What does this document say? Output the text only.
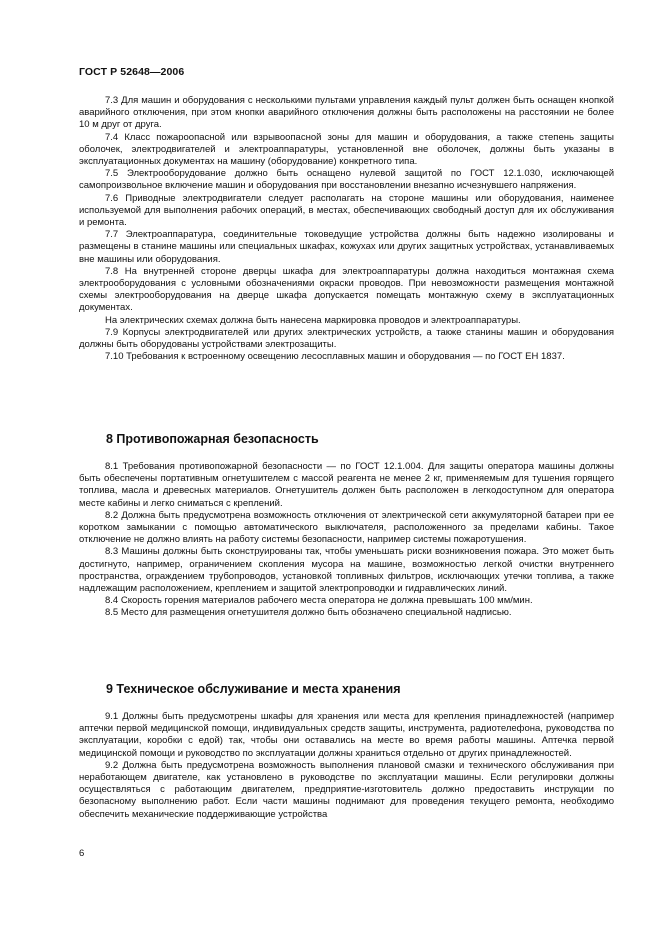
ГОСТ Р 52648—2006

7.3 Для машин и оборудования с несколькими пультами управления каждый пульт должен быть оснащен кнопкой аварийного отключения, при этом кнопки аварийного отключения должны быть расположены на расстоянии не более 10 м друг от друга.

7.4 Класс пожароопасной или взрывоопасной зоны для машин и оборудования, а также степень защиты оболочек, электродвигателей и электроаппаратуры, установленной вне оболочек, должны быть указаны в эксплуатационных документах на машину (оборудование) конкретного типа.

7.5 Электрооборудование должно быть оснащено нулевой защитой по ГОСТ 12.1.030, исключающей самопроизвольное включение машин и оборудования при восстановлении внезапно исчезнувшего напряжения.

7.6 Приводные электродвигатели следует располагать на стороне машины или оборудования, наименее используемой для выполнения рабочих операций, в местах, обеспечивающих свободный доступ для их обслуживания и ремонта.

7.7 Электроаппаратура, соединительные токоведущие устройства должны быть надежно изолированы и размещены в станине машины или специальных шкафах, кожухах или других защитных устройствах, устанавливаемых вне машины или оборудования.

7.8 На внутренней стороне дверцы шкафа для электроаппаратуры должна находиться монтажная схема электрооборудования с условными обозначениями окраски проводов. При невозможности размещения монтажной схемы электрооборудования на дверце шкафа допускается помещать монтажную схему в эксплуатационных документах.

На электрических схемах должна быть нанесена маркировка проводов и электроаппаратуры.

7.9 Корпусы электродвигателей или других электрических устройств, а также станины машин и оборудования должны быть оборудованы устройствами электрозащиты.

7.10 Требования к встроенному освещению лесосплавных машин и оборудования — по ГОСТ ЕН 1837.

8 Противопожарная безопасность

8.1 Требования противопожарной безопасности — по ГОСТ 12.1.004. Для защиты оператора машины должны быть обеспечены портативным огнетушителем с массой реагента не менее 2 кг, применяемым для тушения горящего топлива, масла и древесных материалов. Огнетушитель должен быть расположен в легкодоступном для оператора месте кабины и легко сниматься с креплений.

8.2 Должна быть предусмотрена возможность отключения от электрической сети аккумуляторной батареи при ее коротком замыкании с помощью автоматического выключателя, расположенного за пределами кабины. Такое отключение не должно влиять на работу системы безопасности, например системы пожаротушения.

8.3 Машины должны быть сконструированы так, чтобы уменьшать риски возникновения пожара. Это может быть достигнуто, например, ограничением скопления мусора на машине, возможностью легкой очистки внутреннего пространства, ограждением трубопроводов, установкой топливных фильтров, исключающих утечки топлива, а также надлежащим расположением, креплением и защитой электропроводки и гидравлических линий.

8.4 Скорость горения материалов рабочего места оператора не должна превышать 100 мм/мин.

8.5 Место для размещения огнетушителя должно быть обозначено специальной надписью.

9 Техническое обслуживание и места хранения

9.1 Должны быть предусмотрены шкафы для хранения или места для крепления принадлежностей (например аптечки первой медицинской помощи, индивидуальных средств защиты, инструмента, радиотелефона, руководства по эксплуатации, коробки с едой) так, чтобы они оставались на месте во время работы машины. Аптечка первой медицинской помощи и руководство по эксплуатации должны храниться отдельно от других принадлежностей.

9.2 Должна быть предусмотрена возможность выполнения плановой смазки и технического обслуживания при неработающем двигателе, как установлено в руководстве по эксплуатации машины. Если регулировки должны осуществляться с работающим двигателем, предприятие-изготовитель должно предоставить инструкции по безопасному выполнению работ. Если части машины поднимают для проведения текущего ремонта, необходимо обеспечить механические поддерживающие устройства

6
